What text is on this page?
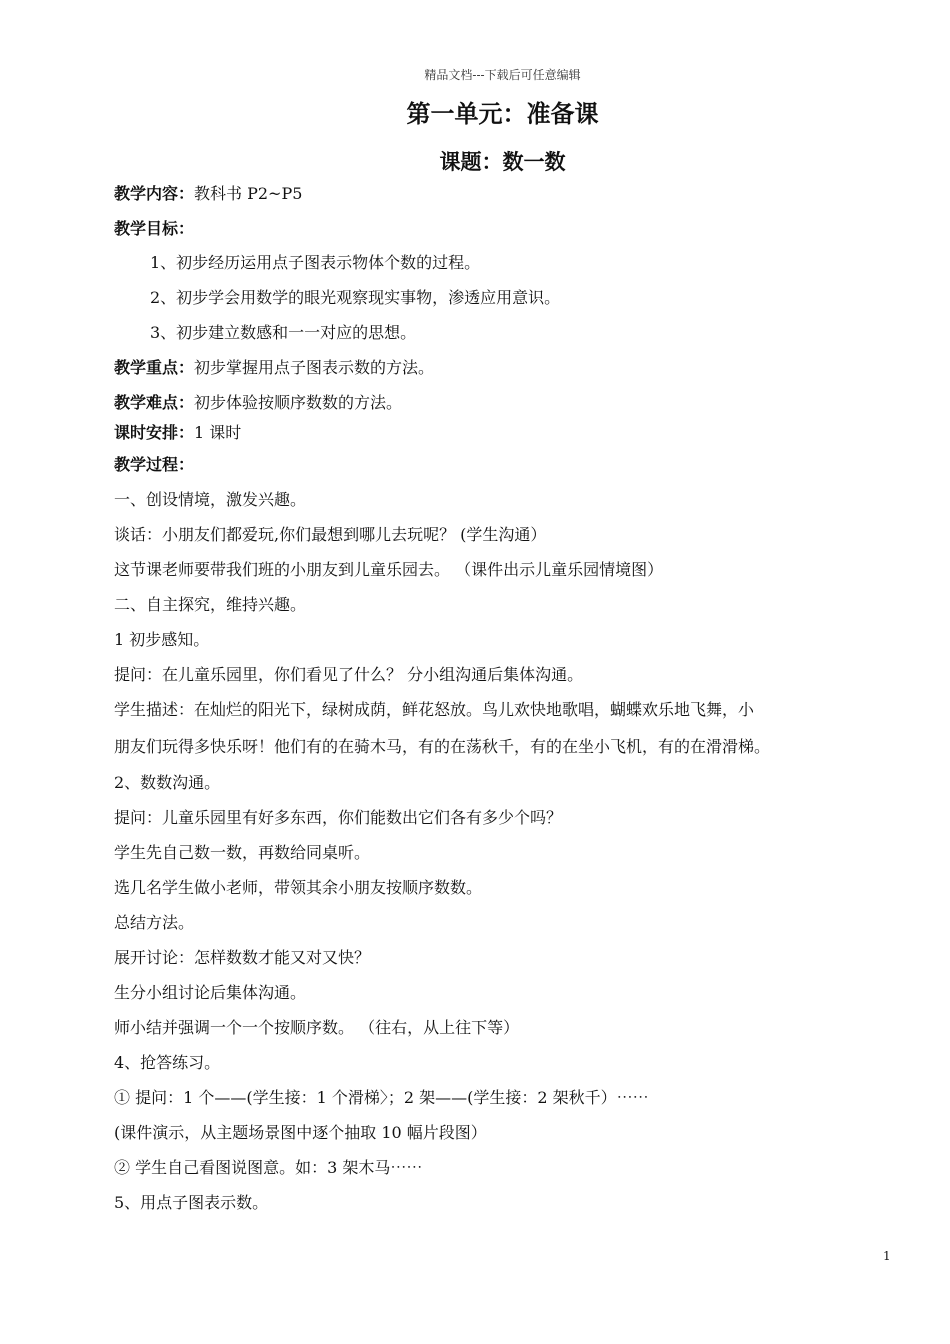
精品文档---下载后可任意编辑
第一单元：准备课
课题：数一数
教学内容：教科书 P2~P5
教学目标：
1、初步经历运用点子图表示物体个数的过程。
2、初步学会用数学的眼光观察现实事物，渗透应用意识。
3、初步建立数感和一一对应的思想。
教学重点：初步掌握用点子图表示数的方法。
教学难点：初步体验按顺序数数的方法。
课时安排：1 课时
教学过程：
一、创设情境，激发兴趣。
谈话：小朋友们都爱玩,你们最想到哪儿去玩呢？ (学生沟通）
这节课老师要带我们班的小朋友到儿童乐园去。 （课件出示儿童乐园情境图）
二、自主探究，维持兴趣。
1 初步感知。
提问：在儿童乐园里，你们看见了什么？ 分小组沟通后集体沟通。
学生描述：在灿烂的阳光下，绿树成荫，鲜花怒放。鸟儿欢快地歌唱，蝴蝶欢乐地飞舞，小
朋友们玩得多快乐呀！他们有的在骑木马，有的在荡秋千，有的在坐小飞机，有的在滑滑梯。
2、数数沟通。
提问：儿童乐园里有好多东西，你们能数出它们各有多少个吗？
学生先自己数一数，再数给同桌听。
选几名学生做小老师，带领其余小朋友按顺序数数。
总结方法。
展开讨论：怎样数数才能又对又快？
生分小组讨论后集体沟通。
师小结并强调一个一个按顺序数。 （往右，从上往下等）
4、抢答练习。
① 提问：1 个——(学生接：1 个滑梯〉；2 架——(学生接：2 架秋千）⋯⋯
(课件演示，从主题场景图中逐个抽取 10 幅片段图）
② 学生自己看图说图意。如：3 架木马⋯⋯
5、用点子图表示数。
1
